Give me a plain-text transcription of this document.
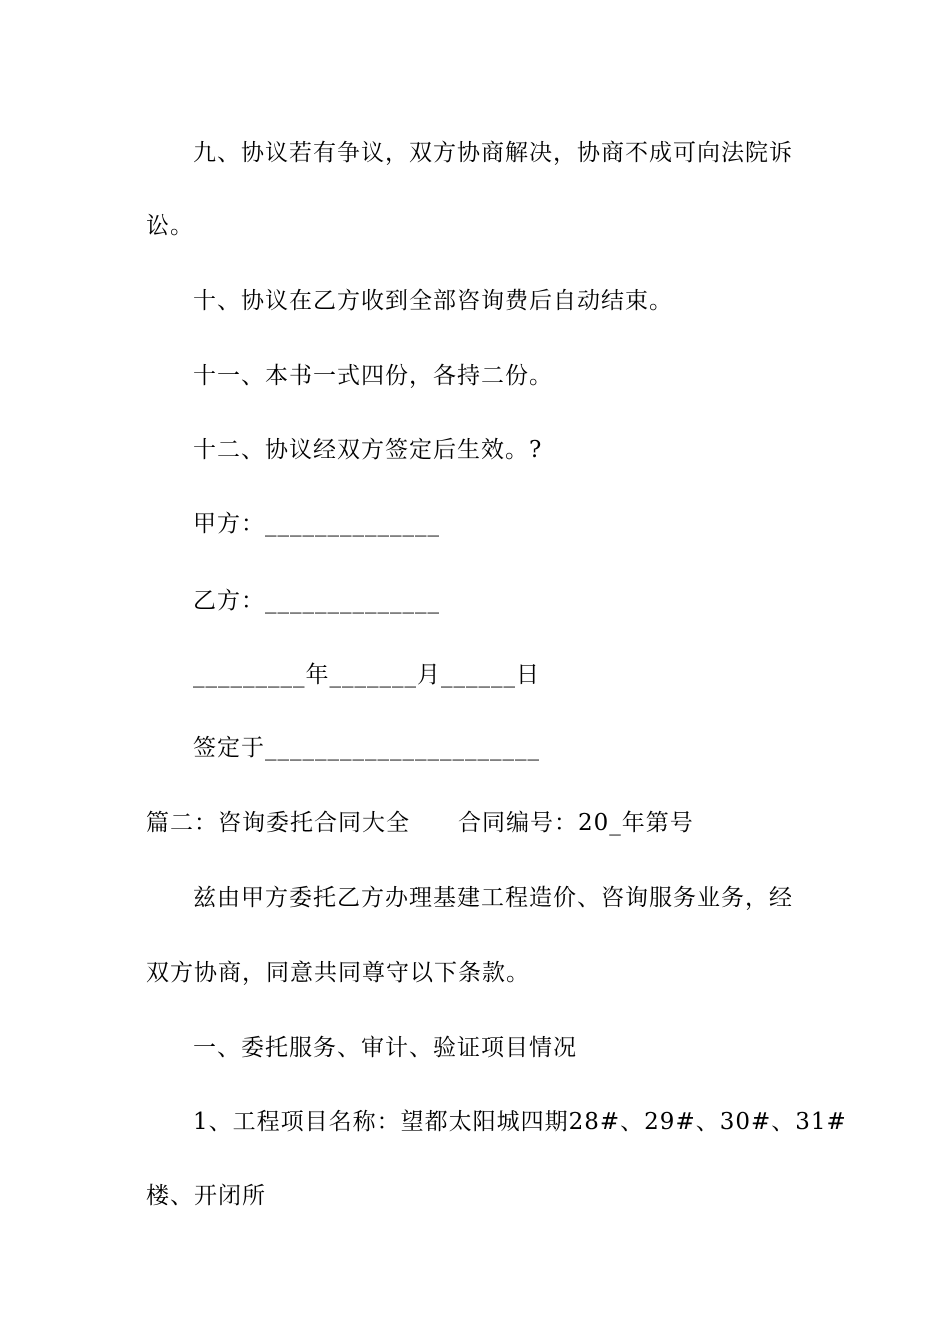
九、协议若有争议，双方协商解决，协商不成可向法院诉
讼。
十、协议在乙方收到全部咨询费后自动结束。
十一、本书一式四份，各持二份。
十二、协议经双方签定后生效。?
甲方：______________
乙方：______________
_________年_______月______日
签定于______________________
篇二：咨询委托合同大全　　合同编号：20_年第号
兹由甲方委托乙方办理基建工程造价、咨询服务业务，经
双方协商，同意共同尊守以下条款。
一、委托服务、审计、验证项目情况
1、工程项目名称：望都太阳城四期28#、29#、30#、31#
楼、开闭所
